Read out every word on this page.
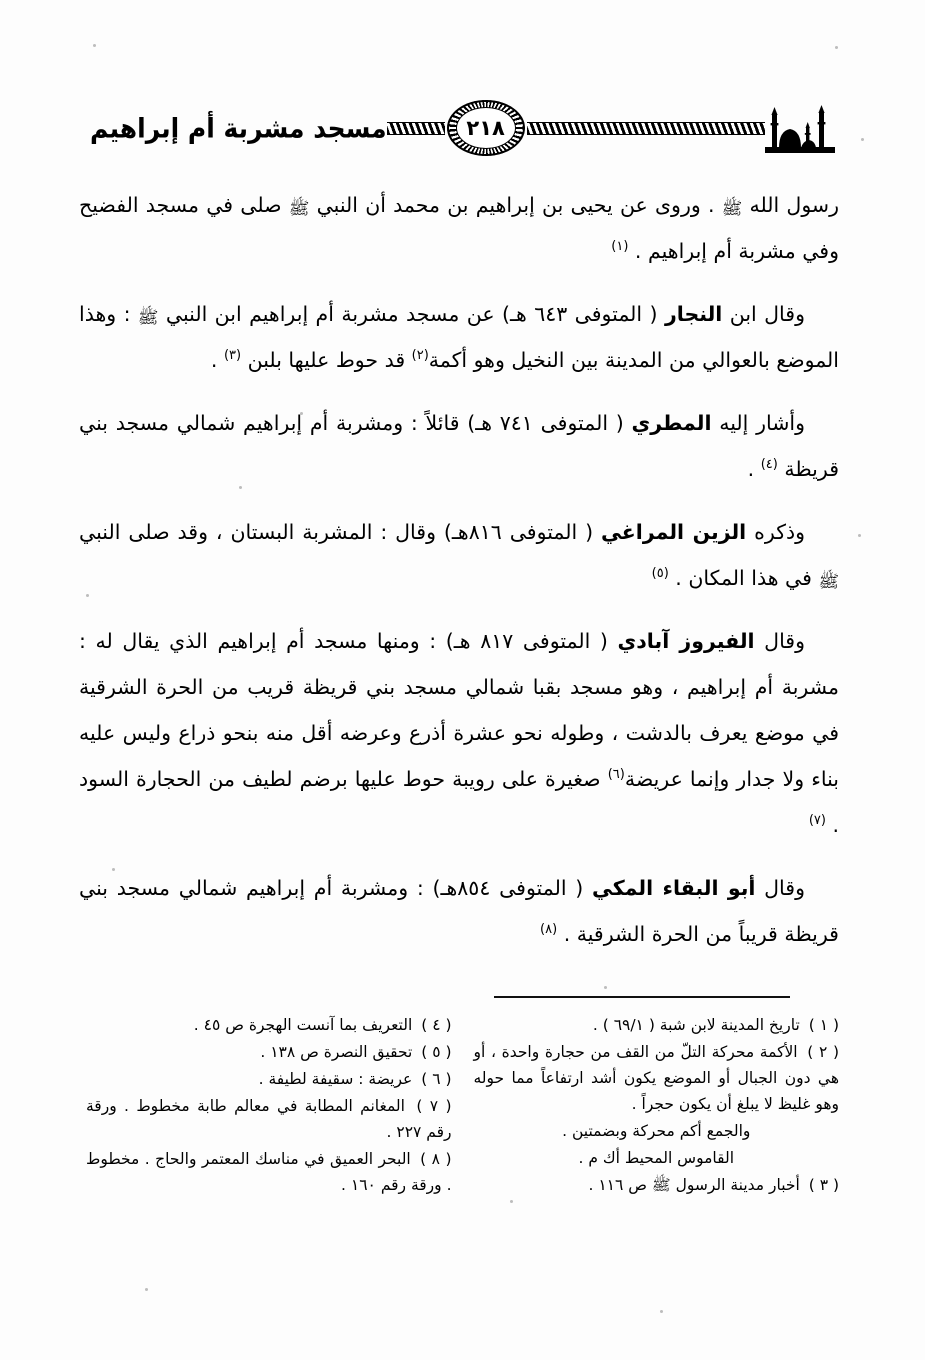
مسجد مشربة أم إبراهيم	٢١٨

رسول الله ﷺ . وروى عن يحيى بن إبراهيم بن محمد أن النبي ﷺ صلى في مسجد الفضيح وفي مشربة أم إبراهيم . $^{(١)}$

وقال ابن النجار ( المتوفى ٦٤٣ هـ) عن مسجد مشربة أم إبراهيم ابن النبي ﷺ : وهذا الموضع بالعوالي من المدينة بين النخيل وهو أكمة$^{(٢)}$ قد حوط عليها بلبن $^{(٣)}$ .

وأشار إليه المطري ( المتوفى ٧٤١ هـ) قائلاً : ومشربة أم إبراهيم شمالي مسجد بني قريظة $^{(٤)}$ .

وذكره الزين المراغي ( المتوفى ٨١٦هـ) وقال : المشربة البستان ، وقد صلى النبي ﷺ في هذا المكان . $^{(٥)}$

وقال الفيروز آبادي ( المتوفى ٨١٧ هـ) : ومنها مسجد أم إبراهيم الذي يقال له : مشربة أم إبراهيم ، وهو مسجد بقبا شمالي مسجد بني قريظة قريب من الحرة الشرقية في موضع يعرف بالدشت ، وطوله نحو عشرة أذرع وعرضه أقل منه بنحو ذراع وليس عليه بناء ولا جدار وإنما عريضة$^{(٦)}$ صغيرة على رويبة حوط عليها برضم لطيف من الحجارة السود . $^{(٧)}$

وقال أبو البقاء المكي ( المتوفى ٨٥٤هـ) : ومشربة أم إبراهيم شمالي مسجد بني قريظة قريباً من الحرة الشرقية . $^{(٨)}$

( ١ ) تاريخ المدينة لابن شبة ( ٦٩/١ ) .

( ٢ ) الأكمة محركة التلّ من القف من حجارة واحدة ، أو هي دون الجبال أو الموضع يكون أشد ارتفاعاً مما حوله وهو غليظ لا يبلغ أن يكون حجراً .

والجمع أكم محركة وبضمتين .

القاموس المحيط أك م .

( ٣ ) أخبار مدينة الرسول ﷺ ص ١١٦ .

( ٤ ) التعريف بما آنست الهجرة ص ٤٥ .

( ٥ ) تحقيق النصرة ص ١٣٨ .

( ٦ ) عريضة : سقيفة لطيفة .

( ٧ ) المغانم المطابة في معالم طابة مخطوط . ورقة رقم ٢٢٧ .

( ٨ ) البحر العميق في مناسك المعتمر والحاج . مخطوط . ورقة رقم ١٦٠ .
